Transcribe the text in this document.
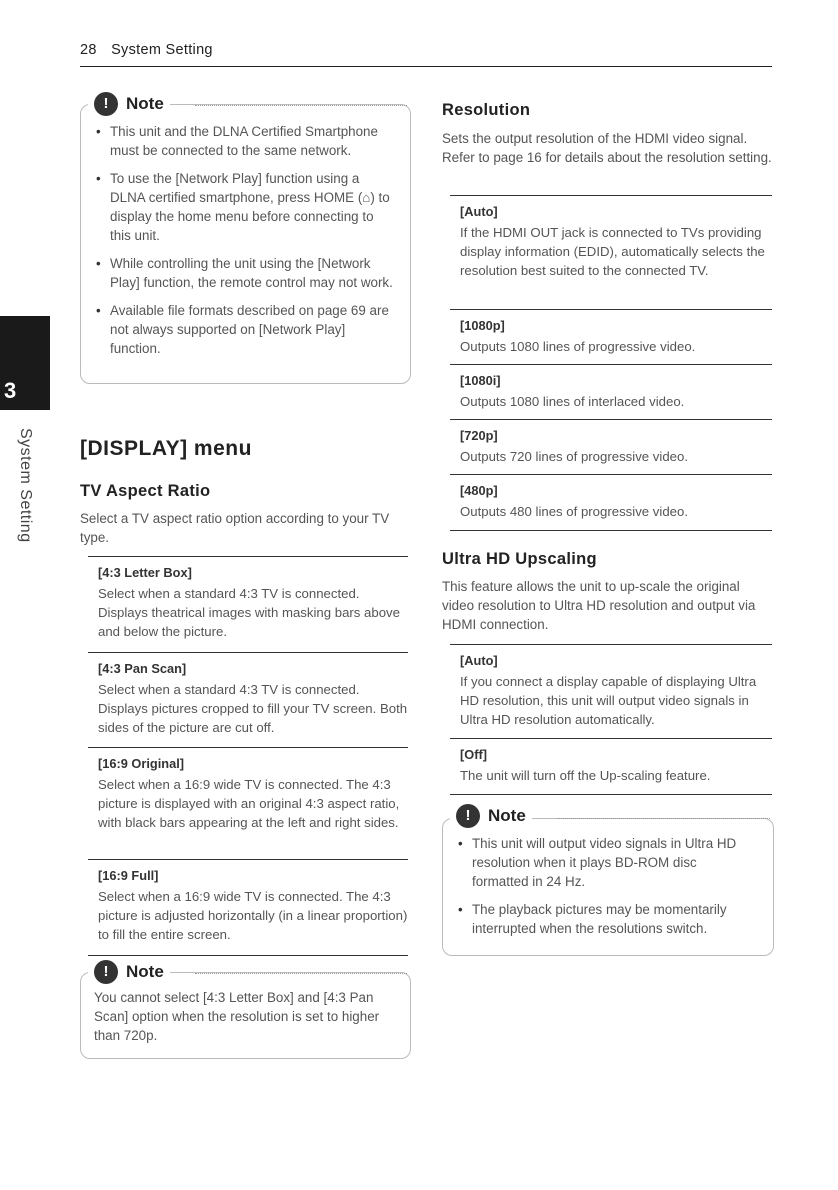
28 System Setting
3
System Setting
!	Note
• This unit and the DLNA Certified Smartphone must be connected to the same network.
• To use the [Network Play] function using a DLNA certified smartphone, press HOME (⌂) to display the home menu before connecting to this unit.
• While controlling the unit using the [Network Play] function, the remote control may not work.
• Available file formats described on page 69 are not always supported on [Network Play] function.
[DISPLAY] menu
TV Aspect Ratio
Select a TV aspect ratio option according to your TV type.
[4:3 Letter Box]
Select when a standard 4:3 TV is connected. Displays theatrical images with masking bars above and below the picture.
[4:3 Pan Scan]
Select when a standard 4:3 TV is connected. Displays pictures cropped to fill your TV screen. Both sides of the picture are cut off.
[16:9 Original]
Select when a 16:9 wide TV is connected. The 4:3 picture is displayed with an original 4:3 aspect ratio, with black bars appearing at the left and right sides.
[16:9 Full]
Select when a 16:9 wide TV is connected. The 4:3 picture is adjusted horizontally (in a linear proportion) to fill the entire screen.
!	Note
You cannot select [4:3 Letter Box] and [4:3 Pan Scan] option when the resolution is set to higher than 720p.
Resolution
Sets the output resolution of the HDMI video signal. Refer to page 16 for details about the resolution setting.
[Auto]
If the HDMI OUT jack is connected to TVs providing display information (EDID), automatically selects the resolution best suited to the connected TV.
[1080p]
Outputs 1080 lines of progressive video.
[1080i]
Outputs 1080 lines of interlaced video.
[720p]
Outputs 720 lines of progressive video.
[480p]
Outputs 480 lines of progressive video.
Ultra HD Upscaling
This feature allows the unit to up-scale the original video resolution to Ultra HD resolution and output via HDMI connection.
[Auto]
If you connect a display capable of displaying Ultra HD resolution, this unit will output video signals in Ultra HD resolution automatically.
[Off]
The unit will turn off the Up-scaling feature.
!	Note
• This unit will output video signals in Ultra HD resolution when it plays BD-ROM disc formatted in 24 Hz.
• The playback pictures may be momentarily interrupted when the resolutions switch.
